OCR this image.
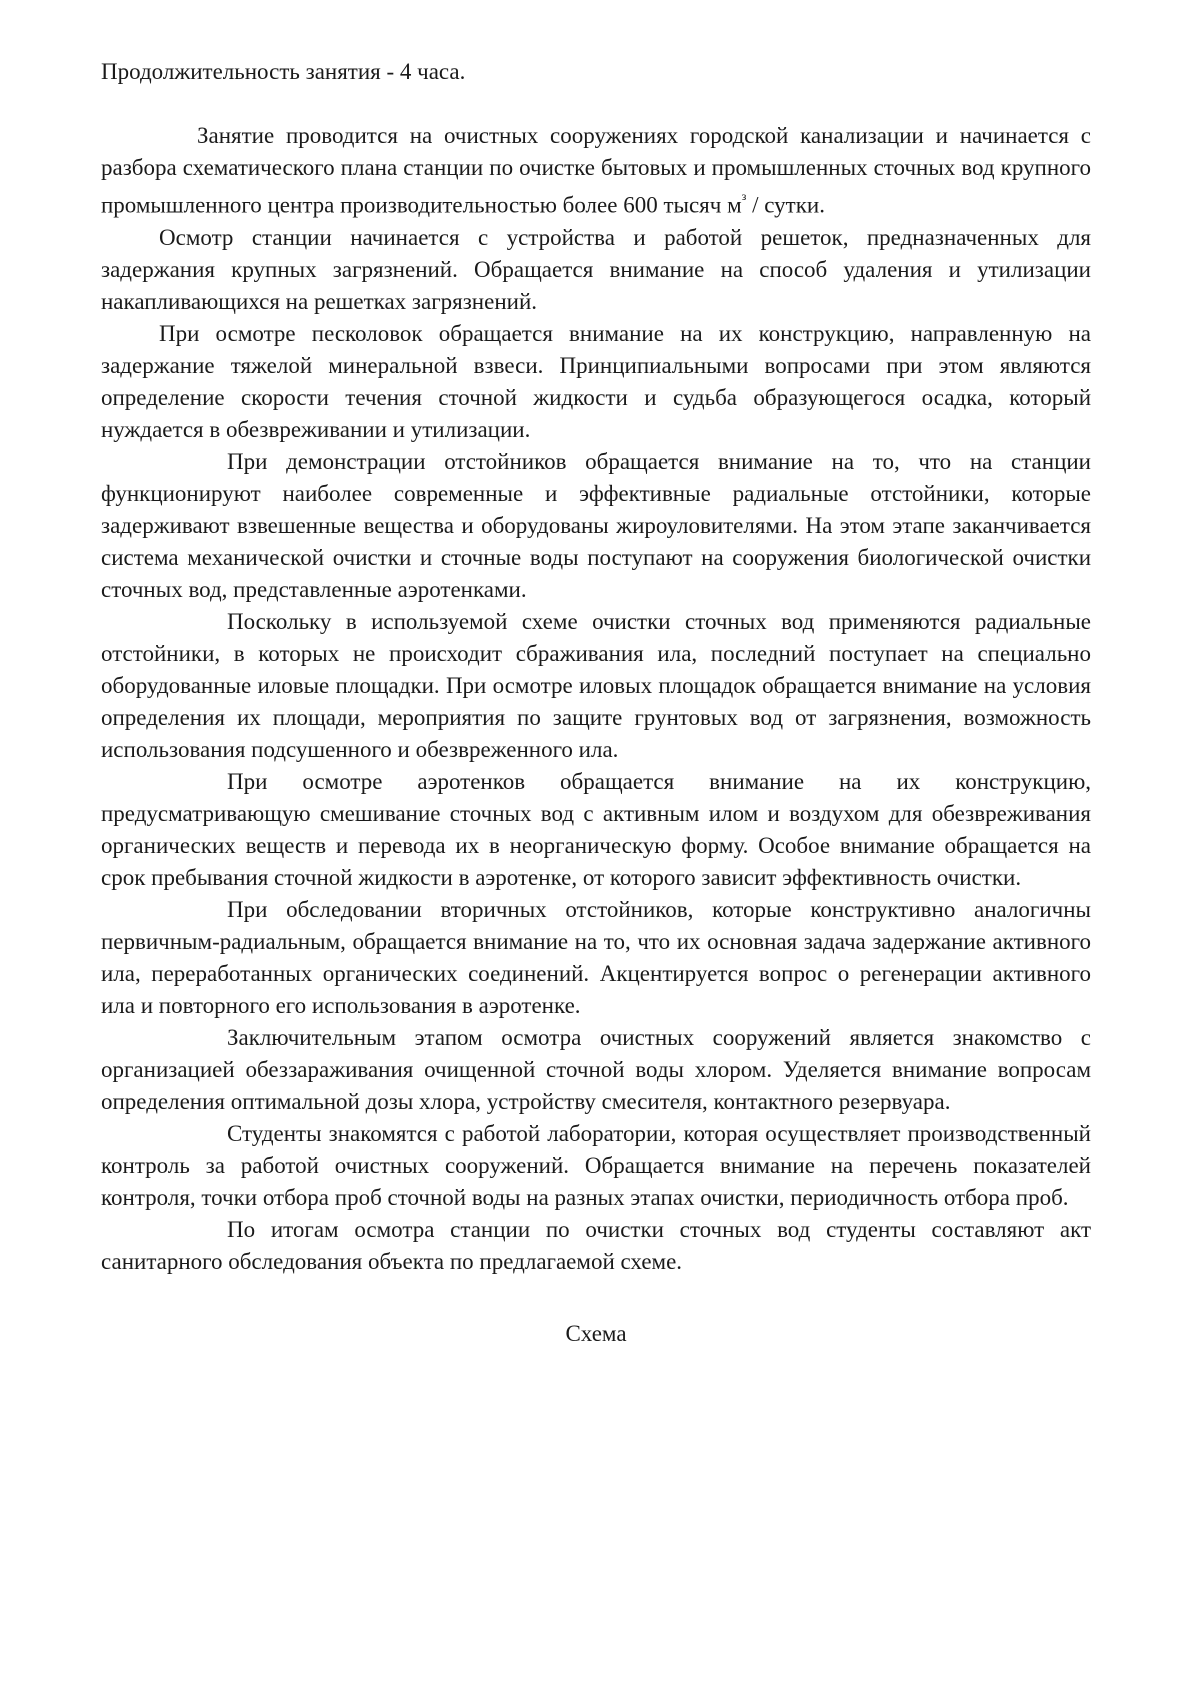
Продолжительность занятия - 4 часа.

Занятие проводится на очистных сооружениях городской канализации и начинается с разбора схематического плана станции по очистке бытовых и промышленных сточных вод крупного промышленного центра производительностью более 600 тысяч $м^з$ / сутки.

Осмотр станции начинается с устройства и работой решеток, предназначенных для задержания крупных загрязнений. Обращается внимание на способ удаления и утилизации накапливающихся на решетках загрязнений.

При осмотре песколовок обращается внимание на их конструкцию, направленную на задержание тяжелой минеральной взвеси. Принципиальными вопросами при этом являются определение скорости течения сточной жидкости и судьба образующегося осадка, который нуждается в обезвреживании и утилизации.

При демонстрации отстойников обращается внимание на то, что на станции функционируют наиболее современные и эффективные радиальные отстойники, которые задерживают взвешенные вещества и оборудованы жироуловителями. На этом этапе заканчивается система механической очистки и сточные воды поступают на сооружения биологической очистки сточных вод, представленные аэротенками.

Поскольку в используемой схеме очистки сточных вод применяются радиальные отстойники, в которых не происходит сбраживания ила, последний поступает на специально оборудованные иловые площадки. При осмотре иловых площадок обращается внимание на условия определения их площади, мероприятия по защите грунтовых вод от загрязнения, возможность использования подсушенного и обезвреженного ила.

При осмотре аэротенков обращается внимание на их конструкцию, предусматривающую смешивание сточных вод с активным илом и воздухом для обезвреживания органических веществ и перевода их в неорганическую форму. Особое внимание обращается на срок пребывания сточной жидкости в аэротенке, от которого зависит эффективность очистки.

При обследовании вторичных отстойников, которые конструктивно аналогичны первичным-радиальным, обращается внимание на то, что их основная задача задержание активного ила, переработанных органических соединений. Акцентируется вопрос о регенерации активного ила и повторного его использования в аэротенке.

Заключительным этапом осмотра очистных сооружений является знакомство с организацией обеззараживания очищенной сточной воды хлором. Уделяется внимание вопросам определения оптимальной дозы хлора, устройству смесителя, контактного резервуара.

Студенты знакомятся с работой лаборатории, которая осуществляет производственный контроль за работой очистных сооружений. Обращается внимание на перечень показателей контроля, точки отбора проб сточной воды на разных этапах очистки, периодичность отбора проб.

По итогам осмотра станции по очистки сточных вод студенты составляют акт санитарного обследования объекта по предлагаемой схеме.

Схема
